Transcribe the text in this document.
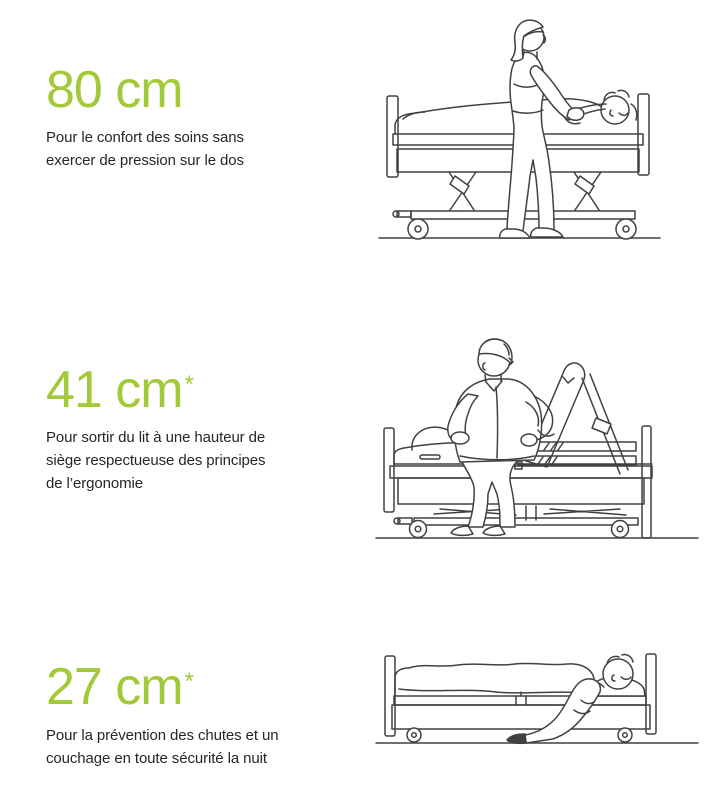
80 cm

Pour le confort des soins sans
exercer de pression sur le dos

41 cm*

Pour sortir du lit à une hauteur de
siège respectueuse des principes
de l’ergonomie

27 cm*

Pour la prévention des chutes et un
couchage en toute sécurité la nuit
